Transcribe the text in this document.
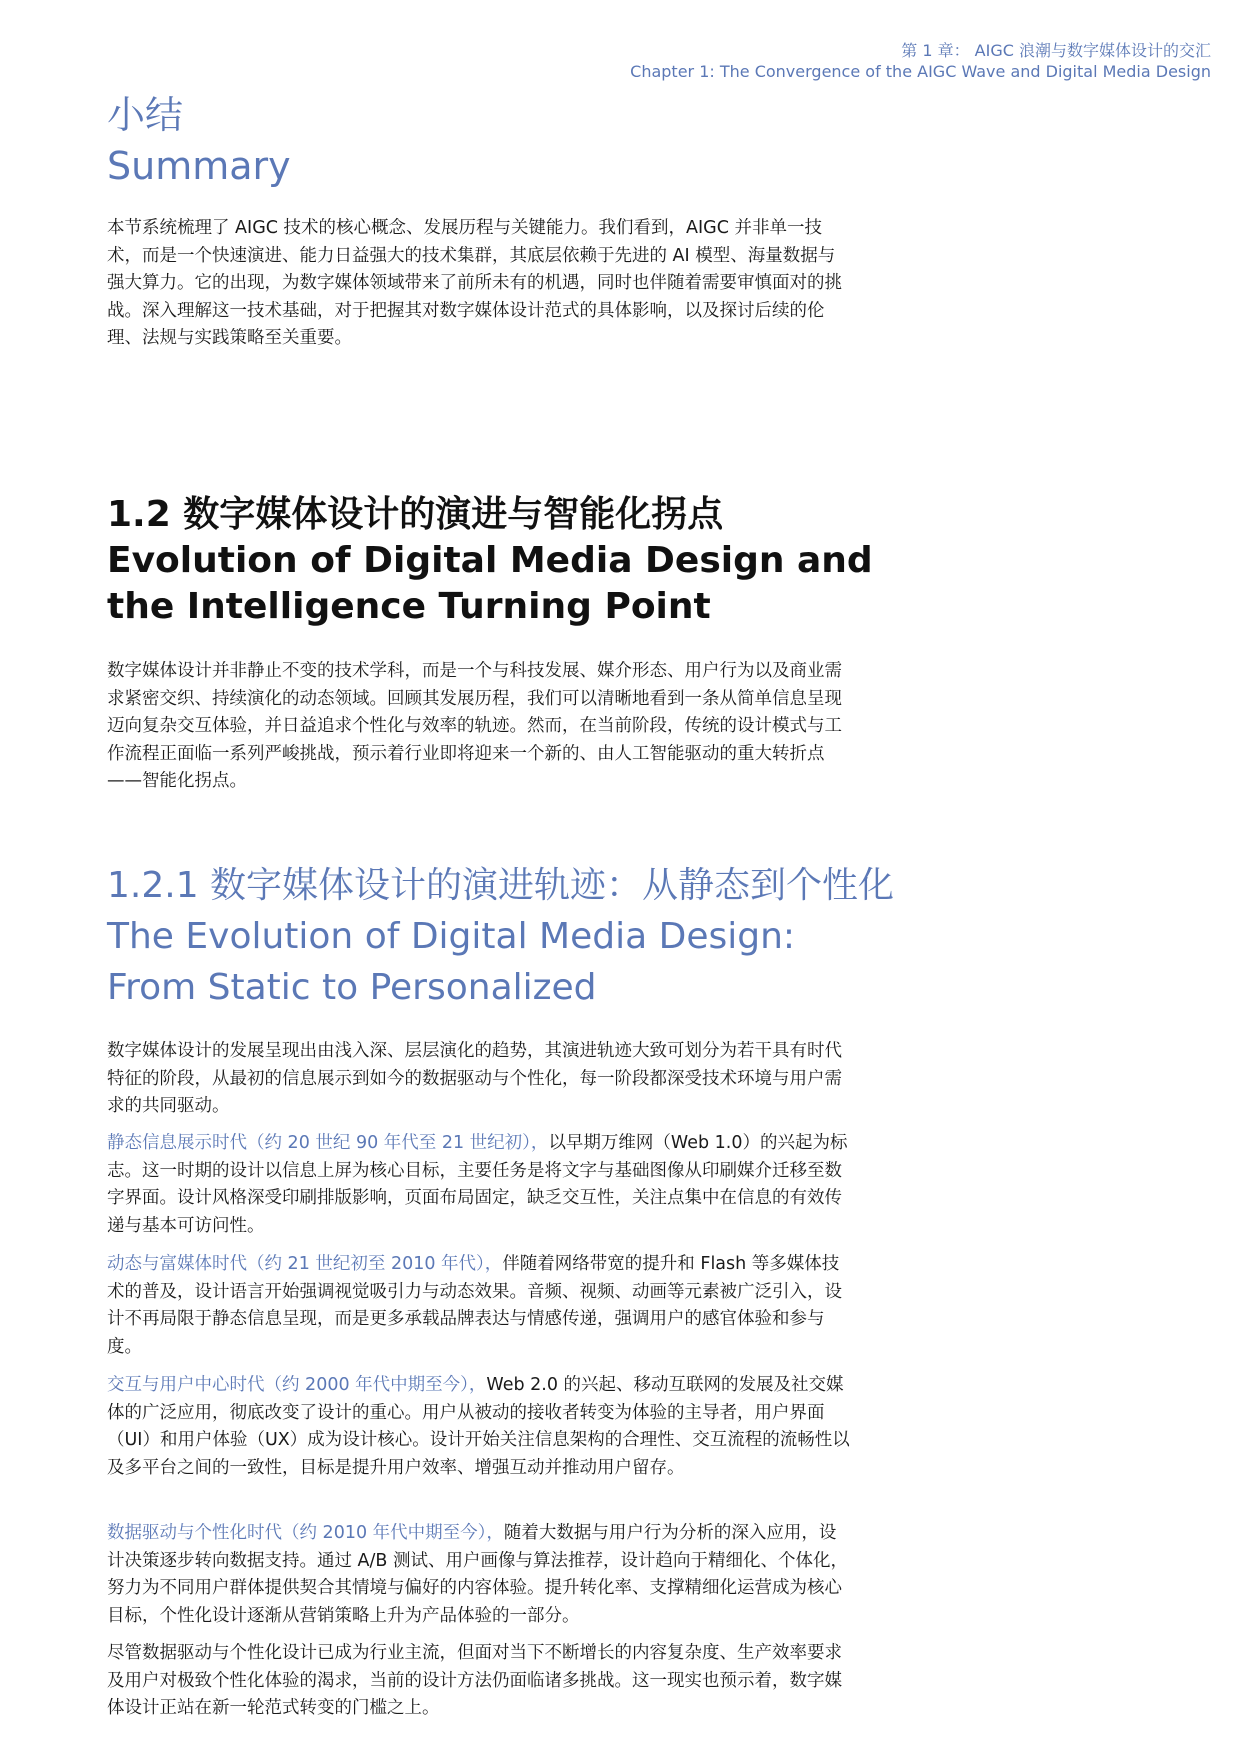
第 1 章： AIGC 浪潮与数字媒体设计的交汇
Chapter 1: The Convergence of the AIGC Wave and Digital Media Design
小结
Summary

本节系统梳理了 AIGC 技术的核心概念、发展历程与关键能力。我们看到，AIGC 并非单一技术，而是一个快速演进、能力日益强大的技术集群，其底层依赖于先进的 AI 模型、海量数据与强大算力。它的出现，为数字媒体领域带来了前所未有的机遇，同时也伴随着需要审慎面对的挑战。深入理解这一技术基础，对于把握其对数字媒体设计范式的具体影响，以及探讨后续的伦理、法规与实践策略至关重要。

1.2 数字媒体设计的演进与智能化拐点
Evolution of Digital Media Design and
the Intelligence Turning Point

数字媒体设计并非静止不变的技术学科，而是一个与科技发展、媒介形态、用户行为以及商业需求紧密交织、持续演化的动态领域。回顾其发展历程，我们可以清晰地看到一条从简单信息呈现迈向复杂交互体验，并日益追求个性化与效率的轨迹。然而，在当前阶段，传统的设计模式与工作流程正面临一系列严峻挑战，预示着行业即将迎来一个新的、由人工智能驱动的重大转折点——智能化拐点。

1.2.1 数字媒体设计的演进轨迹：从静态到个性化
The Evolution of Digital Media Design:
From Static to Personalized

数字媒体设计的发展呈现出由浅入深、层层演化的趋势，其演进轨迹大致可划分为若干具有时代特征的阶段，从最初的信息展示到如今的数据驱动与个性化，每一阶段都深受技术环境与用户需求的共同驱动。

静态信息展示时代（约 20 世纪 90 年代至 21 世纪初），以早期万维网（Web 1.0）的兴起为标志。这一时期的设计以信息上屏为核心目标，主要任务是将文字与基础图像从印刷媒介迁移至数字界面。设计风格深受印刷排版影响，页面布局固定，缺乏交互性，关注点集中在信息的有效传递与基本可访问性。

动态与富媒体时代（约 21 世纪初至 2010 年代），伴随着网络带宽的提升和 Flash 等多媒体技术的普及，设计语言开始强调视觉吸引力与动态效果。音频、视频、动画等元素被广泛引入，设计不再局限于静态信息呈现，而是更多承载品牌表达与情感传递，强调用户的感官体验和参与度。

交互与用户中心时代（约 2000 年代中期至今），Web 2.0 的兴起、移动互联网的发展及社交媒体的广泛应用，彻底改变了设计的重心。用户从被动的接收者转变为体验的主导者，用户界面（UI）和用户体验（UX）成为设计核心。设计开始关注信息架构的合理性、交互流程的流畅性以及多平台之间的一致性，目标是提升用户效率、增强互动并推动用户留存。

数据驱动与个性化时代（约 2010 年代中期至今），随着大数据与用户行为分析的深入应用，设计决策逐步转向数据支持。通过 A/B 测试、用户画像与算法推荐，设计趋向于精细化、个体化，努力为不同用户群体提供契合其情境与偏好的内容体验。提升转化率、支撑精细化运营成为核心目标，个性化设计逐渐从营销策略上升为产品体验的一部分。

尽管数据驱动与个性化设计已成为行业主流，但面对当下不断增长的内容复杂度、生产效率要求及用户对极致个性化体验的渴求，当前的设计方法仍面临诸多挑战。这一现实也预示着，数字媒体设计正站在新一轮范式转变的门槛之上。
